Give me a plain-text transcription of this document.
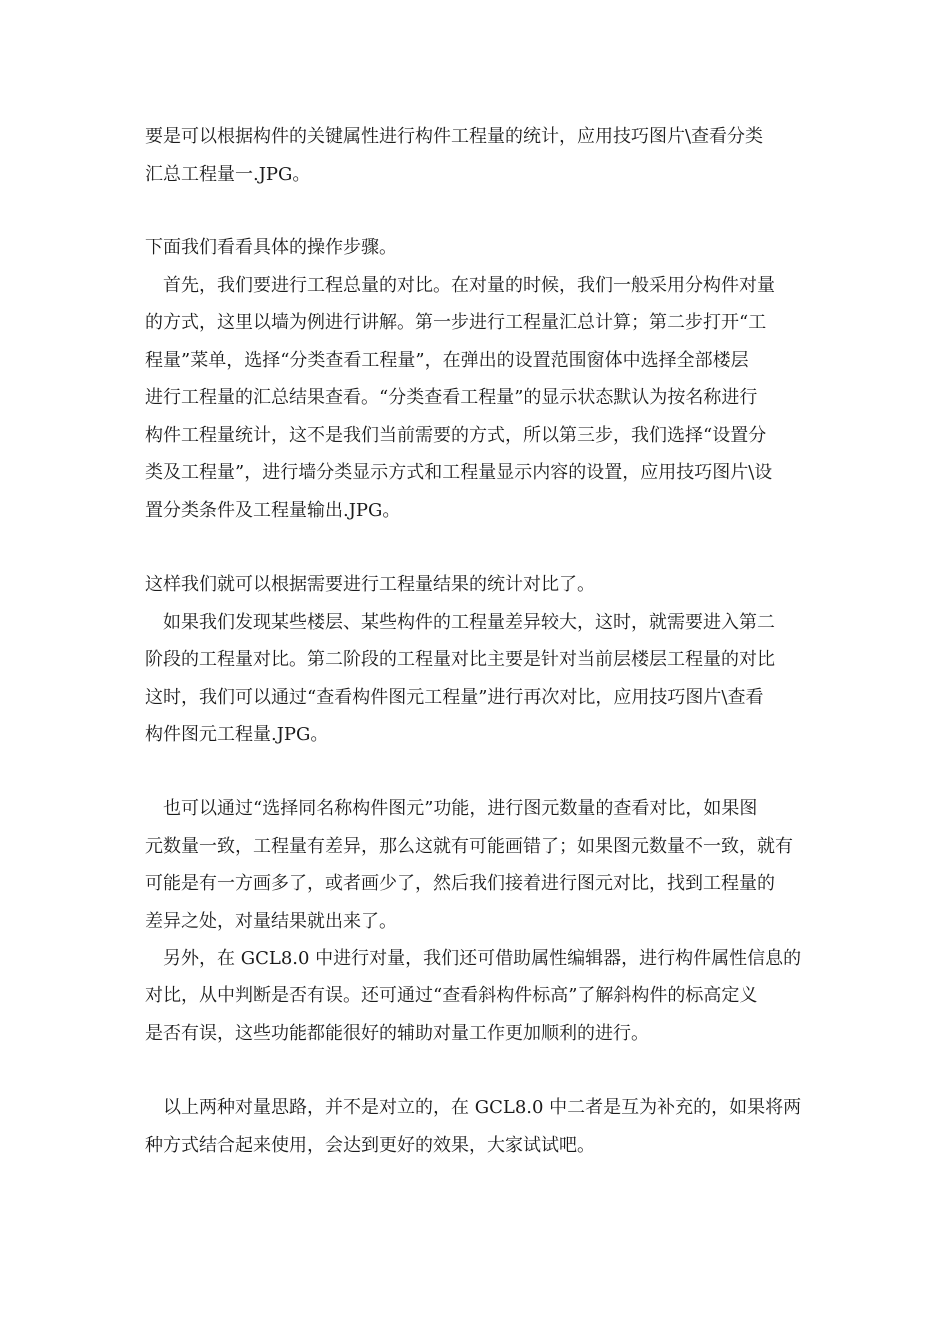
要是可以根据构件的关键属性进行构件工程量的统计，应用技巧图片\查看分类
汇总工程量一.JPG。
下面我们看看具体的操作步骤。
　首先，我们要进行工程总量的对比。在对量的时候，我们一般采用分构件对量
的方式，这里以墙为例进行讲解。第一步进行工程量汇总计算；第二步打开“工
程量”菜单，选择“分类查看工程量”，在弹出的设置范围窗体中选择全部楼层
进行工程量的汇总结果查看。“分类查看工程量”的显示状态默认为按名称进行
构件工程量统计，这不是我们当前需要的方式，所以第三步，我们选择“设置分
类及工程量”，进行墙分类显示方式和工程量显示内容的设置，应用技巧图片\设
置分类条件及工程量输出.JPG。
这样我们就可以根据需要进行工程量结果的统计对比了。
　如果我们发现某些楼层、某些构件的工程量差异较大，这时，就需要进入第二
阶段的工程量对比。第二阶段的工程量对比主要是针对当前层楼层工程量的对比
这时，我们可以通过“查看构件图元工程量”进行再次对比，应用技巧图片\查看
构件图元工程量.JPG。
　也可以通过“选择同名称构件图元”功能，进行图元数量的查看对比，如果图
元数量一致，工程量有差异，那么这就有可能画错了；如果图元数量不一致，就有
可能是有一方画多了，或者画少了，然后我们接着进行图元对比，找到工程量的
差异之处，对量结果就出来了。
　另外，在 GCL8.0 中进行对量，我们还可借助属性编辑器，进行构件属性信息的
对比，从中判断是否有误。还可通过“查看斜构件标高”了解斜构件的标高定义
是否有误，这些功能都能很好的辅助对量工作更加顺利的进行。
　以上两种对量思路，并不是对立的，在 GCL8.0 中二者是互为补充的，如果将两
种方式结合起来使用，会达到更好的效果，大家试试吧。
